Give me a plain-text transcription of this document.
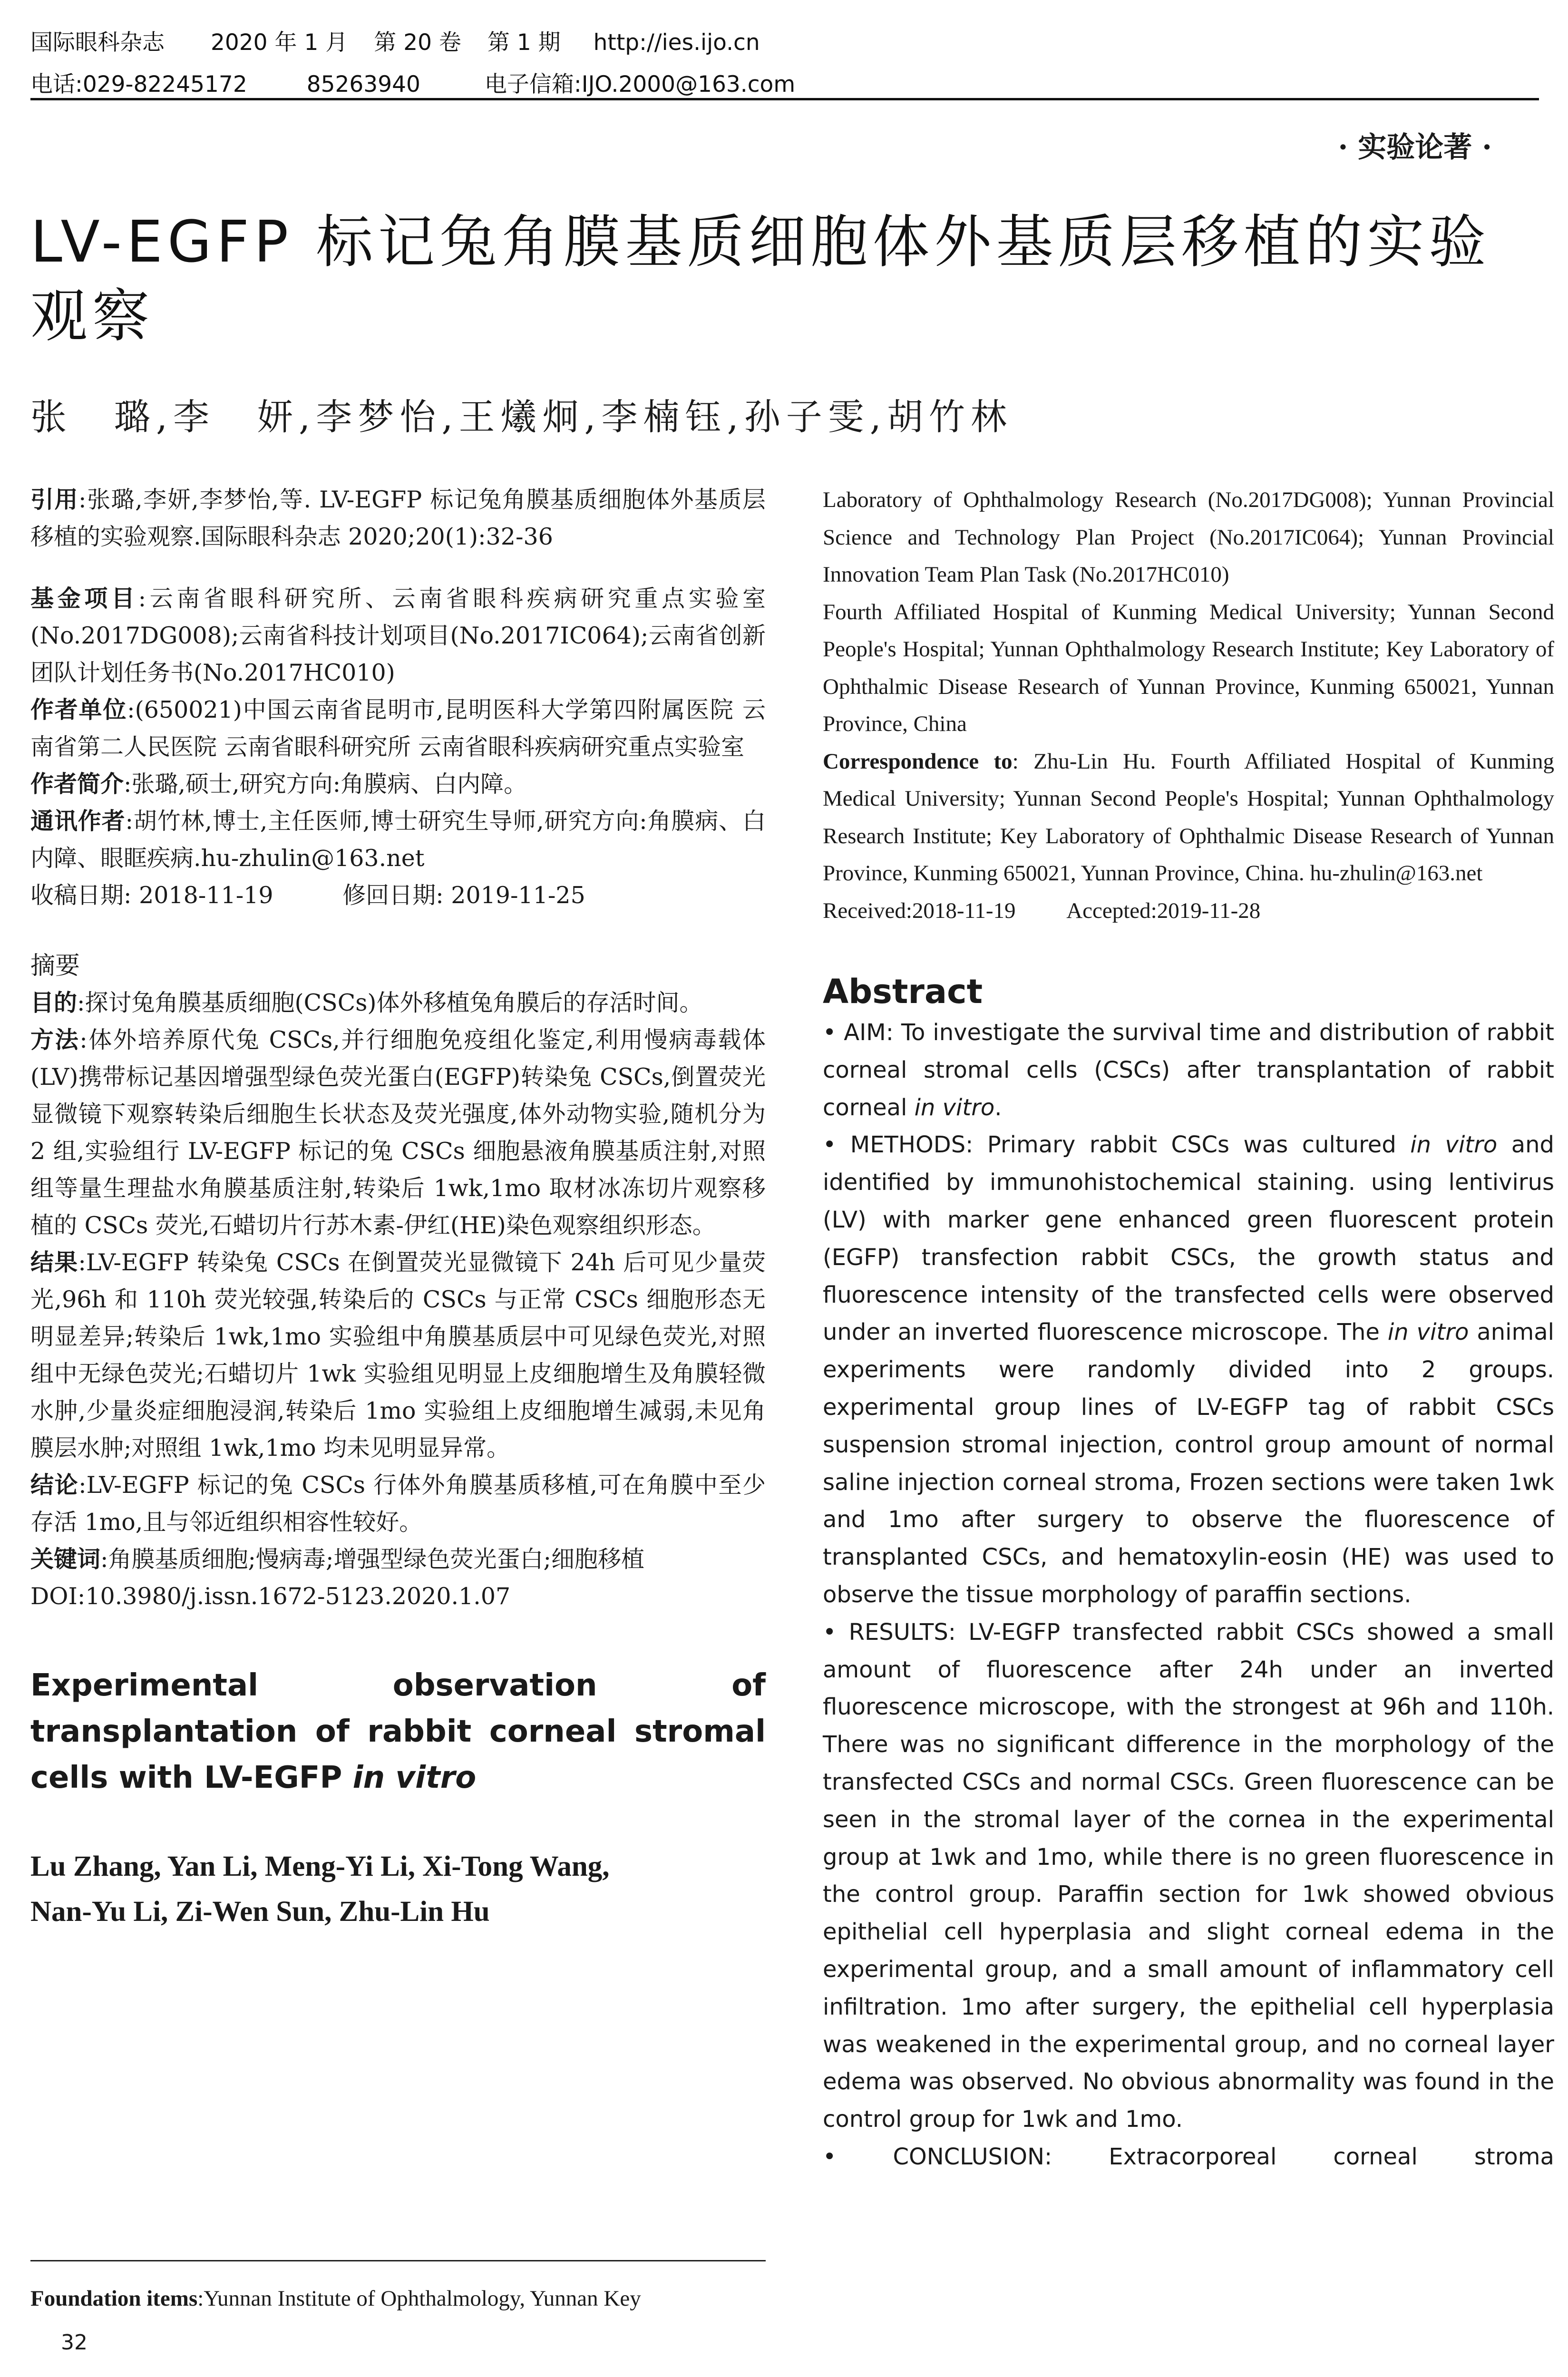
国际眼科杂志 2020 年 1 月 第 20 卷 第 1 期 http://ies.ijo.cn
电话:029-82245172	85263940	电子信箱:IJO.2000@163.com
· 实验论著 ·
LV-EGFP 标记兔角膜基质细胞体外基质层移植的实验观察
张　璐,李　妍,李梦怡,王爔炯,李楠钰,孙子雯,胡竹林

引用:张璐,李妍,李梦怡,等. LV-EGFP 标记兔角膜基质细胞体外基质层移植的实验观察.国际眼科杂志 2020;20(1):32-36

基金项目:云南省眼科研究所、云南省眼科疾病研究重点实验室(No.2017DG008);云南省科技计划项目(No.2017IC064);云南省创新团队计划任务书(No.2017HC010)

作者单位:(650021)中国云南省昆明市,昆明医科大学第四附属医院 云南省第二人民医院 云南省眼科研究所 云南省眼科疾病研究重点实验室

作者简介:张璐,硕士,研究方向:角膜病、白内障。

通讯作者:胡竹林,博士,主任医师,博士研究生导师,研究方向:角膜病、白内障、眼眶疾病.hu-zhulin@163.net

收稿日期: 2018-11-19	修回日期: 2019-11-25

摘要

目的:探讨兔角膜基质细胞(CSCs)体外移植兔角膜后的存活时间。

方法:体外培养原代兔 CSCs,并行细胞免疫组化鉴定,利用慢病毒载体(LV)携带标记基因增强型绿色荧光蛋白(EGFP)转染兔 CSCs,倒置荧光显微镜下观察转染后细胞生长状态及荧光强度,体外动物实验,随机分为 2 组,实验组行 LV-EGFP 标记的兔 CSCs 细胞悬液角膜基质注射,对照组等量生理盐水角膜基质注射,转染后 1wk,1mo 取材冰冻切片观察移植的 CSCs 荧光,石蜡切片行苏木素-伊红(HE)染色观察组织形态。

结果:LV-EGFP 转染兔 CSCs 在倒置荧光显微镜下 24h 后可见少量荧光,96h 和 110h 荧光较强,转染后的 CSCs 与正常 CSCs 细胞形态无明显差异;转染后 1wk,1mo 实验组中角膜基质层中可见绿色荧光,对照组中无绿色荧光;石蜡切片 1wk 实验组见明显上皮细胞增生及角膜轻微水肿,少量炎症细胞浸润,转染后 1mo 实验组上皮细胞增生减弱,未见角膜层水肿;对照组 1wk,1mo 均未见明显异常。

结论:LV-EGFP 标记的兔 CSCs 行体外角膜基质移植,可在角膜中至少存活 1mo,且与邻近组织相容性较好。

关键词:角膜基质细胞;慢病毒;增强型绿色荧光蛋白;细胞移植

DOI:10.3980/j.issn.1672-5123.2020.1.07

Experimental	observation	of
transplantation of rabbit corneal stromal
cells with LV-EGFP in vitro

Lu Zhang, Yan Li, Meng-Yi Li, Xi-Tong Wang,
Nan-Yu Li, Zi-Wen Sun, Zhu-Lin Hu

Foundation items:Yunnan Institute of Ophthalmology, Yunnan Key

32

Laboratory of Ophthalmology Research (No.2017DG008); Yunnan Provincial Science and Technology Plan Project (No.2017IC064); Yunnan Provincial Innovation Team Plan Task (No.2017HC010)

Fourth Affiliated Hospital of Kunming Medical University; Yunnan Second People's Hospital; Yunnan Ophthalmology Research Institute; Key Laboratory of Ophthalmic Disease Research of Yunnan Province, Kunming 650021, Yunnan Province, China

Correspondence to: Zhu-Lin Hu. Fourth Affiliated Hospital of Kunming Medical University; Yunnan Second People's Hospital; Yunnan Ophthalmology Research Institute; Key Laboratory of Ophthalmic Disease Research of Yunnan Province, Kunming 650021, Yunnan Province, China. hu-zhulin@163.net

Received:2018-11-19 Accepted:2019-11-28

Abstract

• AIM: To investigate the survival time and distribution of rabbit corneal stromal cells (CSCs) after transplantation of rabbit corneal in vitro.

• METHODS: Primary rabbit CSCs was cultured in vitro and identified by immunohistochemical staining. using lentivirus (LV) with marker gene enhanced green fluorescent protein (EGFP) transfection rabbit CSCs, the growth status and fluorescence intensity of the transfected cells were observed under an inverted fluorescence microscope. The in vitro animal experiments were randomly divided into 2 groups. experimental group lines of LV-EGFP tag of rabbit CSCs suspension stromal injection, control group amount of normal saline injection corneal stroma, Frozen sections were taken 1wk and 1mo after surgery to observe the fluorescence of transplanted CSCs, and hematoxylin-eosin (HE) was used to observe the tissue morphology of paraffin sections.

• RESULTS: LV-EGFP transfected rabbit CSCs showed a small amount of fluorescence after 24h under an inverted fluorescence microscope, with the strongest at 96h and 110h. There was no significant difference in the morphology of the transfected CSCs and normal CSCs. Green fluorescence can be seen in the stromal layer of the cornea in the experimental group at 1wk and 1mo, while there is no green fluorescence in the control group. Paraffin section for 1wk showed obvious epithelial cell hyperplasia and slight corneal edema in the experimental group, and a small amount of inflammatory cell infiltration. 1mo after surgery, the epithelial cell hyperplasia was weakened in the experimental group, and no corneal layer edema was observed. No obvious abnormality was found in the control group for 1wk and 1mo.

• CONCLUSION: Extracorporeal corneal stroma
